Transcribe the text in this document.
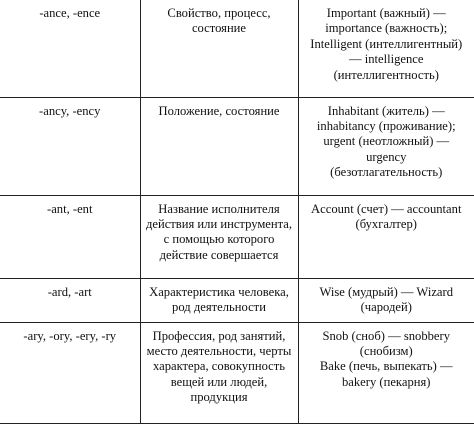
-ance, -ence	Свойство, процесс,
состояние	Important (важный) —
importance (важность);
Intelligent (интеллигентный)
— intelligence
(интеллигентность)

-ancy, -ency	Положение, состояние	Inhabitant (житель) —
inhabitancy (проживание);
urgent (неотложный) —
urgency
(безотлагательность)

-ant, -ent	Название исполнителя
действия или инструмента,
с помощью которого
действие совершается	Account (счет) — accountant
(бухгалтер)

-ard, -art	Характеристика человека,
род деятельности	Wise (мудрый) — Wizard
(чародей)

-ary, -ory, -ery, -ry	Профессия, род занятий,
место деятельности, черты
характера, совокупность
вещей или людей,
продукция	Snob (сноб) — snobbery
(снобизм)
Bake (печь, выпекать) —
bakery (пекарня)
